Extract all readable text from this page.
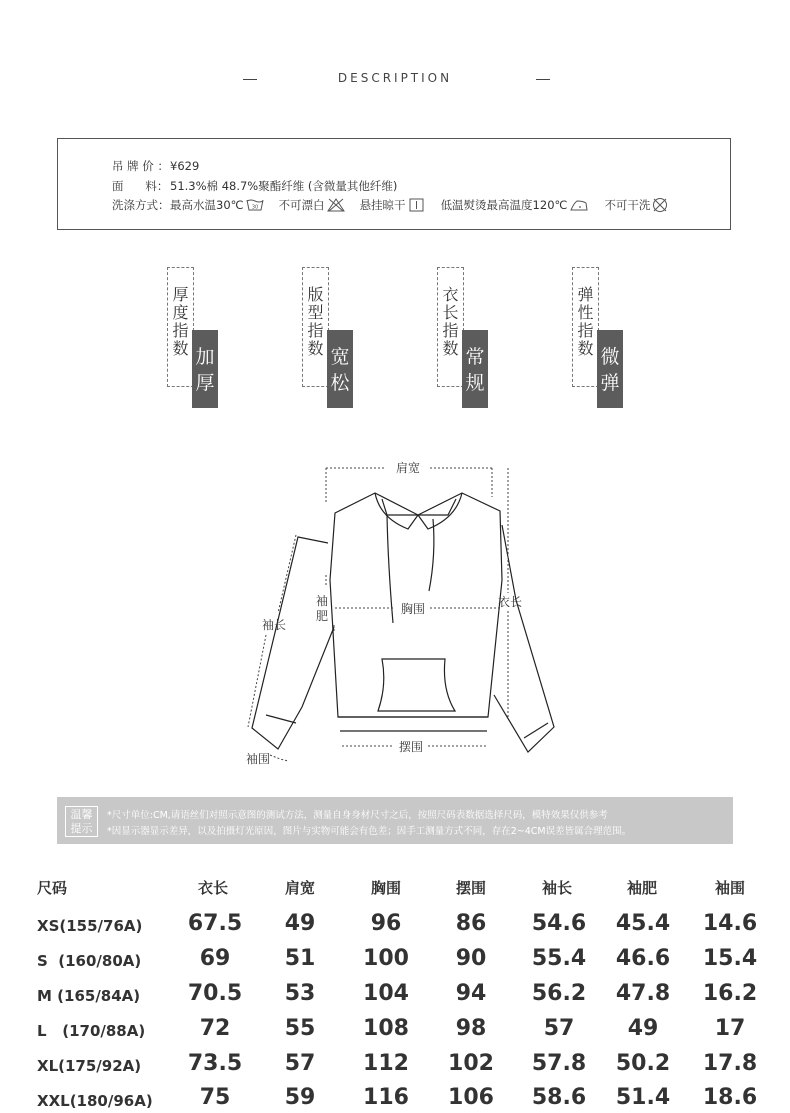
DESCRIPTION
吊 牌 价 ： ¥629
面      料： 51.3%棉 48.7%聚酯纤维 (含微量其他纤维)
洗涤方式： 最高水温30℃ 30 不可漂白	悬挂晾干	低温熨烫最高温度120℃	不可干洗
厚
度
指
数 加
厚
版
型
指
数 宽
松
衣
长
指
数 常
规
弹
性
指
数 微
弹
肩宽
袖
肥	胸围	衣长
袖长
摆围
袖围
温馨
提示
*尺寸单位:CM,请语丝们对照示意图的测试方法，测量自身身材尺寸之后，按照尺码表数据选择尺码，模特效果仅供参考
*因显示器显示差异，以及拍摄灯光原因，图片与实物可能会有色差；因手工测量方式不同，存在2~4CM误差皆属合理范围。
尺码	衣长	肩宽	胸围	摆围	袖长	袖肥	袖围
XS(155/76A)	67.5	49	96	86	54.6	45.4	14.6
S  (160/80A)	69	51	100	90	55.4	46.6	15.4
M (165/84A)	70.5	53	104	94	56.2	47.8	16.2
L   (170/88A)	72	55	108	98	57	49	17
XL(175/92A)	73.5	57	112	102	57.8	50.2	17.8
XXL(180/96A)	75	59	116	106	58.6	51.4	18.6
